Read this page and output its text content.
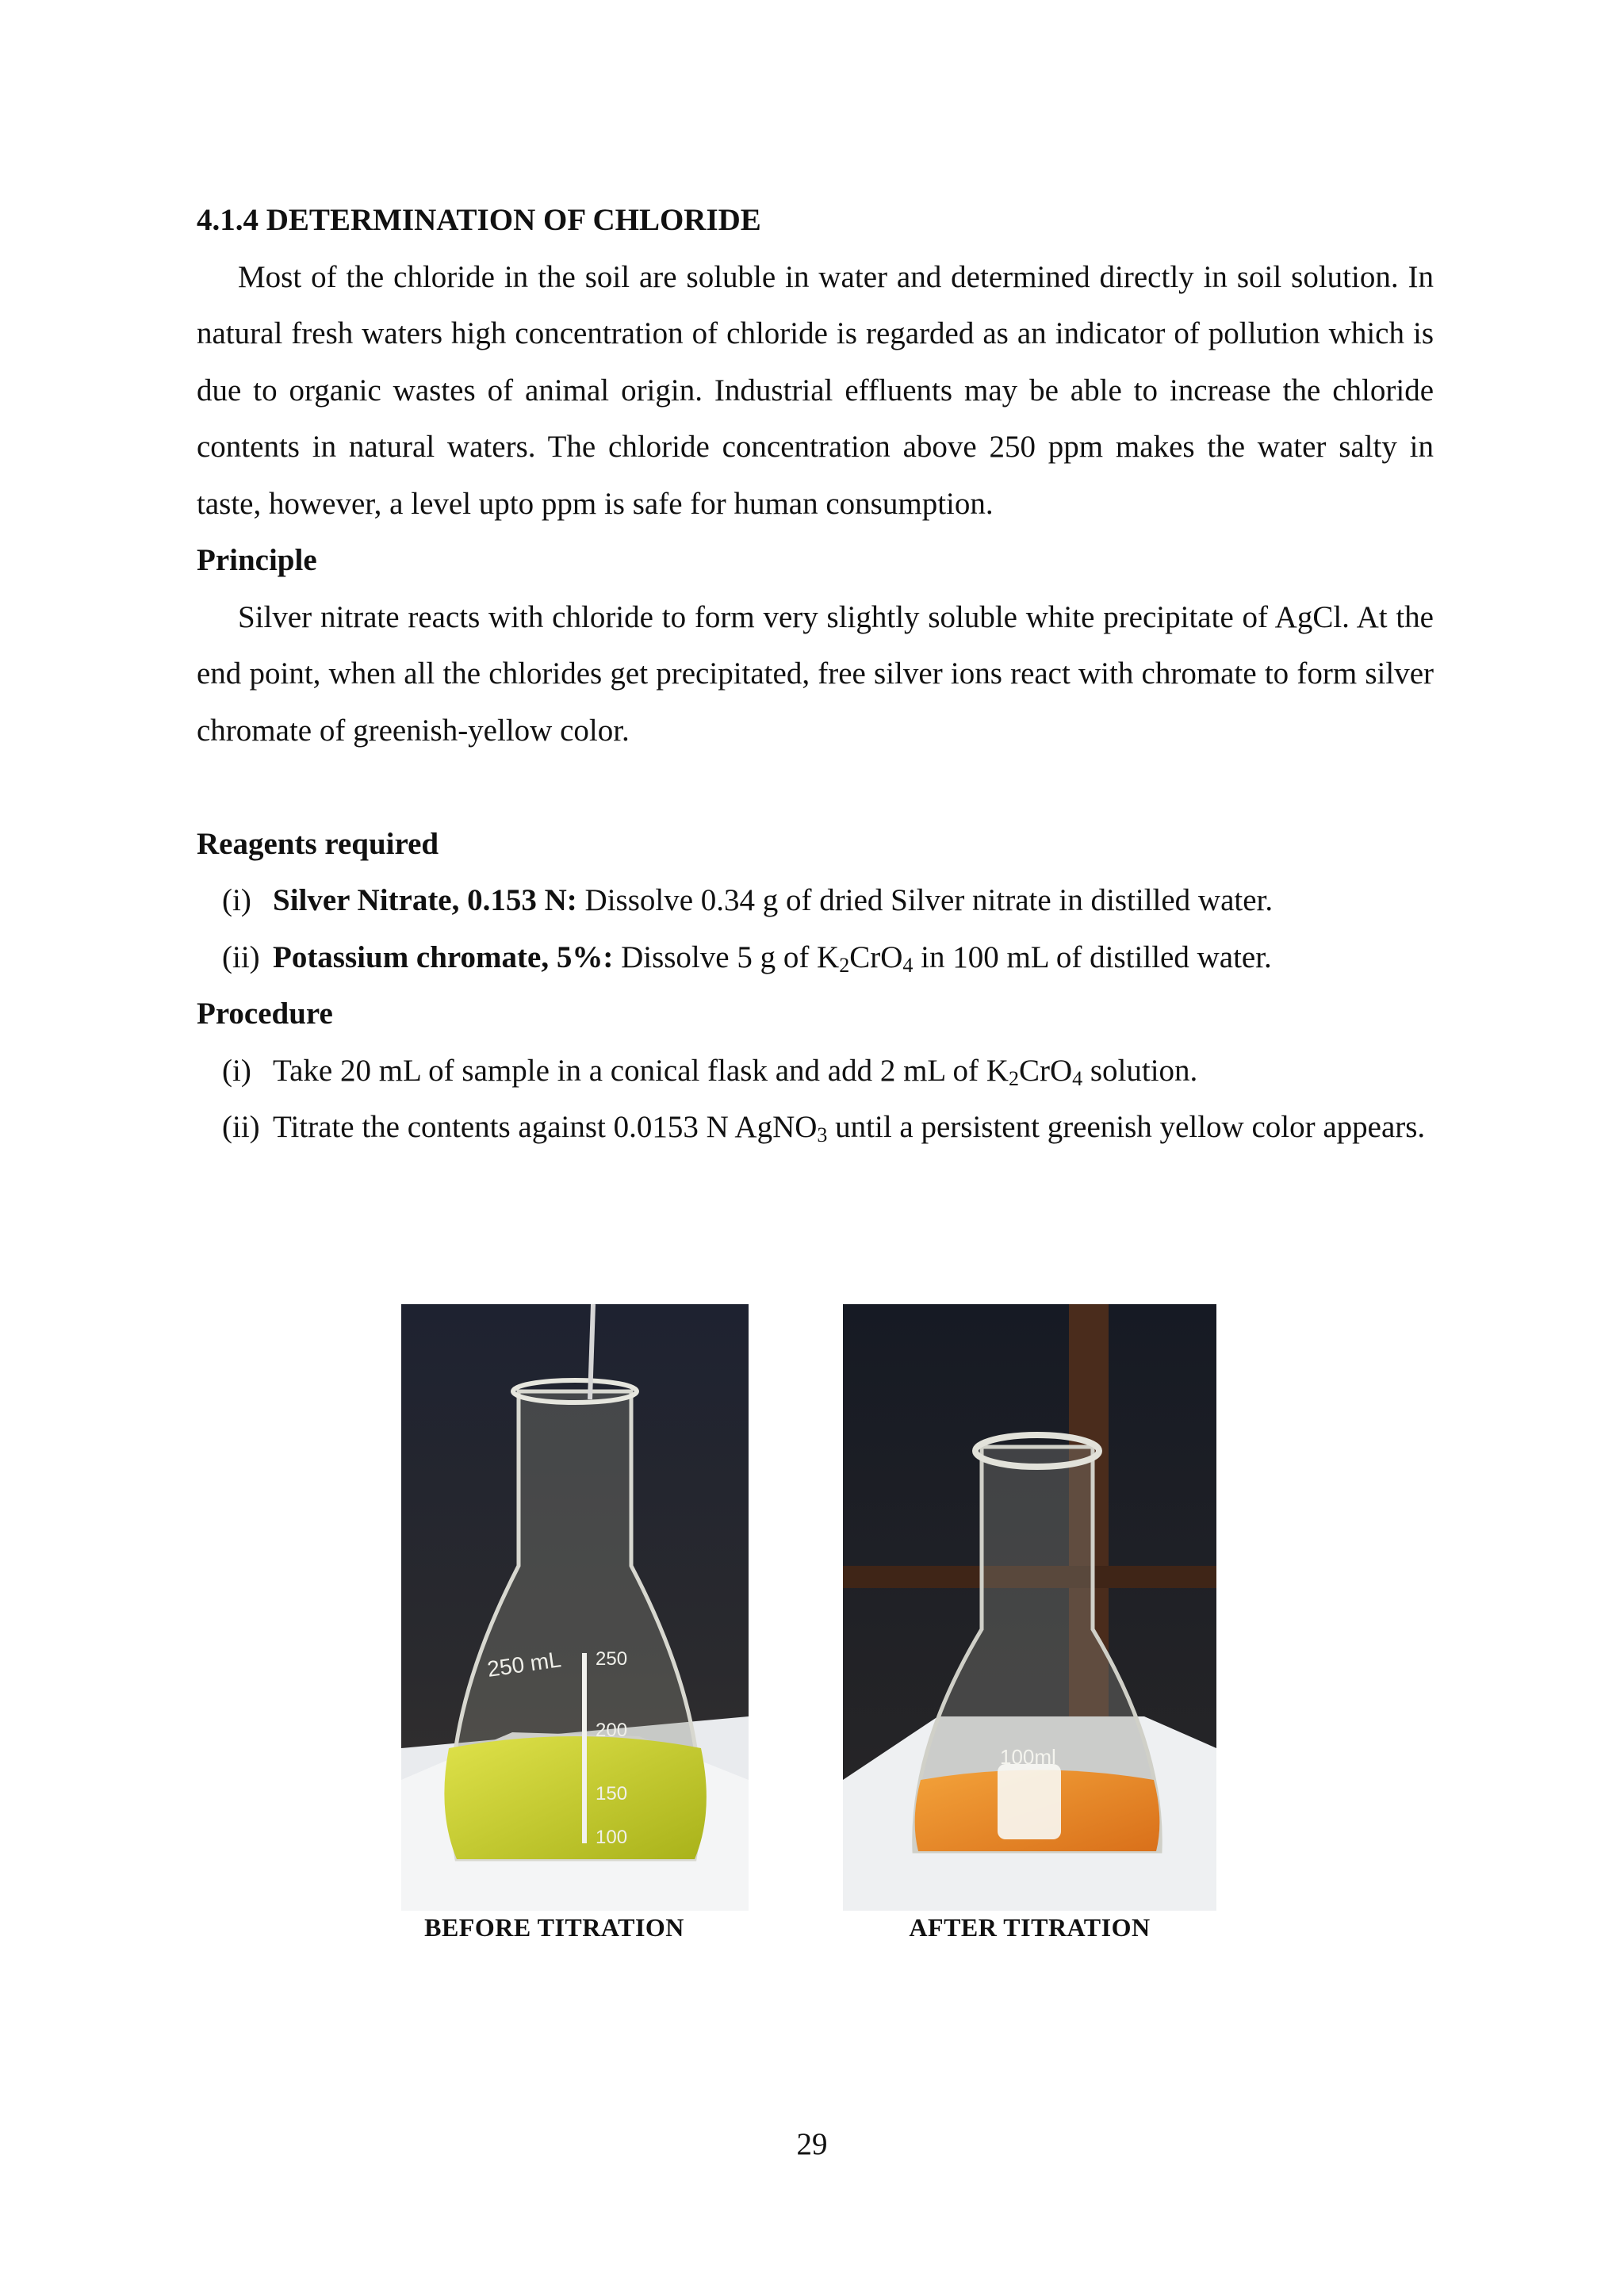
4.1.4 DETERMINATION OF CHLORIDE

Most of the chloride in the soil are soluble in water and determined directly in soil solution. In natural fresh waters high concentration of chloride is regarded as an indicator of pollution which is due to organic wastes of animal origin. Industrial effluents may be able to increase the chloride contents in natural waters. The chloride concentration above 250 ppm makes the water salty in taste, however, a level upto ppm is safe for human consumption.

Principle

Silver nitrate reacts with chloride to form very slightly soluble white precipitate of AgCl. At the end point, when all the chlorides get precipitated, free silver ions react with chromate to form silver chromate of greenish-yellow color.

Reagents required
(i) Silver Nitrate, 0.153 N: Dissolve 0.34 g of dried Silver nitrate in distilled water.
(ii) Potassium chromate, 5%: Dissolve 5 g of $K_2CrO_4$ in 100 mL of distilled water.
Procedure
(i) Take 20 mL of sample in a conical flask and add 2 mL of $K_2CrO_4$ solution.
(ii) Titrate the contents against 0.0153 N AgNO$_3$ until a persistent greenish yellow color appears.
250 mL 250
200
150
100
BEFORE TITRATION
100ml
AFTER TITRATION
29
